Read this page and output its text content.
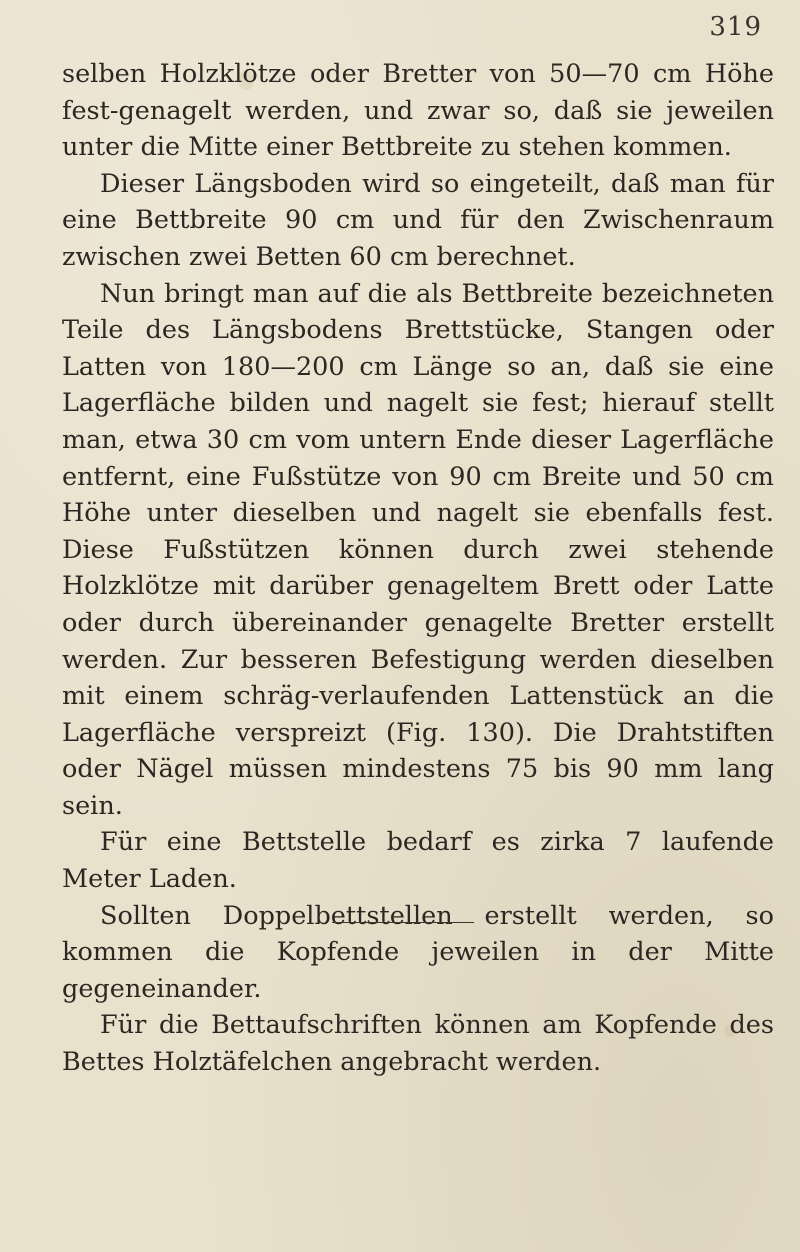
319

selben Holzklötze oder Bretter von 50—70 cm Höhe fest-genagelt werden, und zwar so, daß sie jeweilen unter die Mitte einer Bettbreite zu stehen kommen.

Dieser Längsboden wird so eingeteilt, daß man für eine Bettbreite 90 cm und für den Zwischenraum zwischen zwei Betten 60 cm berechnet.

Nun bringt man auf die als Bettbreite bezeichneten Teile des Längsbodens Brettstücke, Stangen oder Latten von 180—200 cm Länge so an, daß sie eine Lagerfläche bilden und nagelt sie fest; hierauf stellt man, etwa 30 cm vom untern Ende dieser Lagerfläche entfernt, eine Fußstütze von 90 cm Breite und 50 cm Höhe unter dieselben und nagelt sie ebenfalls fest. Diese Fußstützen können durch zwei stehende Holzklötze mit darüber genageltem Brett oder Latte oder durch übereinander genagelte Bretter erstellt werden. Zur besseren Befestigung werden dieselben mit einem schräg-verlaufenden Lattenstück an die Lagerfläche verspreizt (Fig. 130). Die Drahtstiften oder Nägel müssen mindestens 75 bis 90 mm lang sein.

Für eine Bettstelle bedarf es zirka 7 laufende Meter Laden.

Sollten Doppelbettstellen erstellt werden, so kommen die Kopfende jeweilen in der Mitte gegeneinander.

Für die Bettaufschriften können am Kopfende des Bettes Holztäfelchen angebracht werden.
